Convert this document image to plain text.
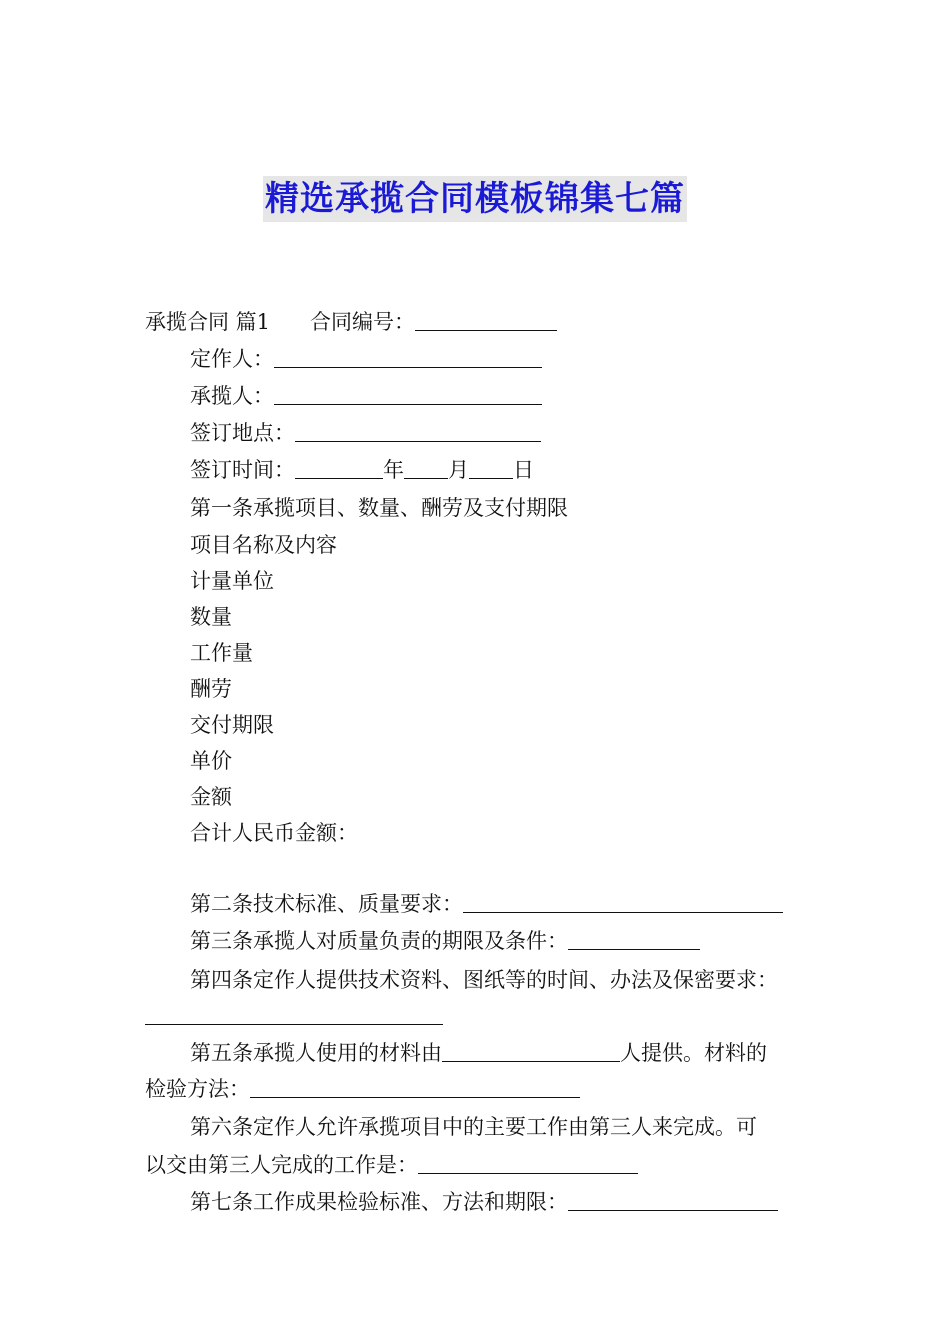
精选承揽合同模板锦集七篇
承揽合同 篇1 合同编号：
定作人：
承揽人：
签订地点：
签订时间：	年 月 日
第一条承揽项目、数量、酬劳及支付期限
项目名称及内容
计量单位
数量
工作量
酬劳
交付期限
单价
金额
合计人民币金额：
第二条技术标准、质量要求：
第三条承揽人对质量负责的期限及条件：
第四条定作人提供技术资料、图纸等的时间、办法及保密要求：
第五条承揽人使用的材料由	人提供。材料的
检验方法：
第六条定作人允许承揽项目中的主要工作由第三人来完成。可
以交由第三人完成的工作是：
第七条工作成果检验标准、方法和期限：
